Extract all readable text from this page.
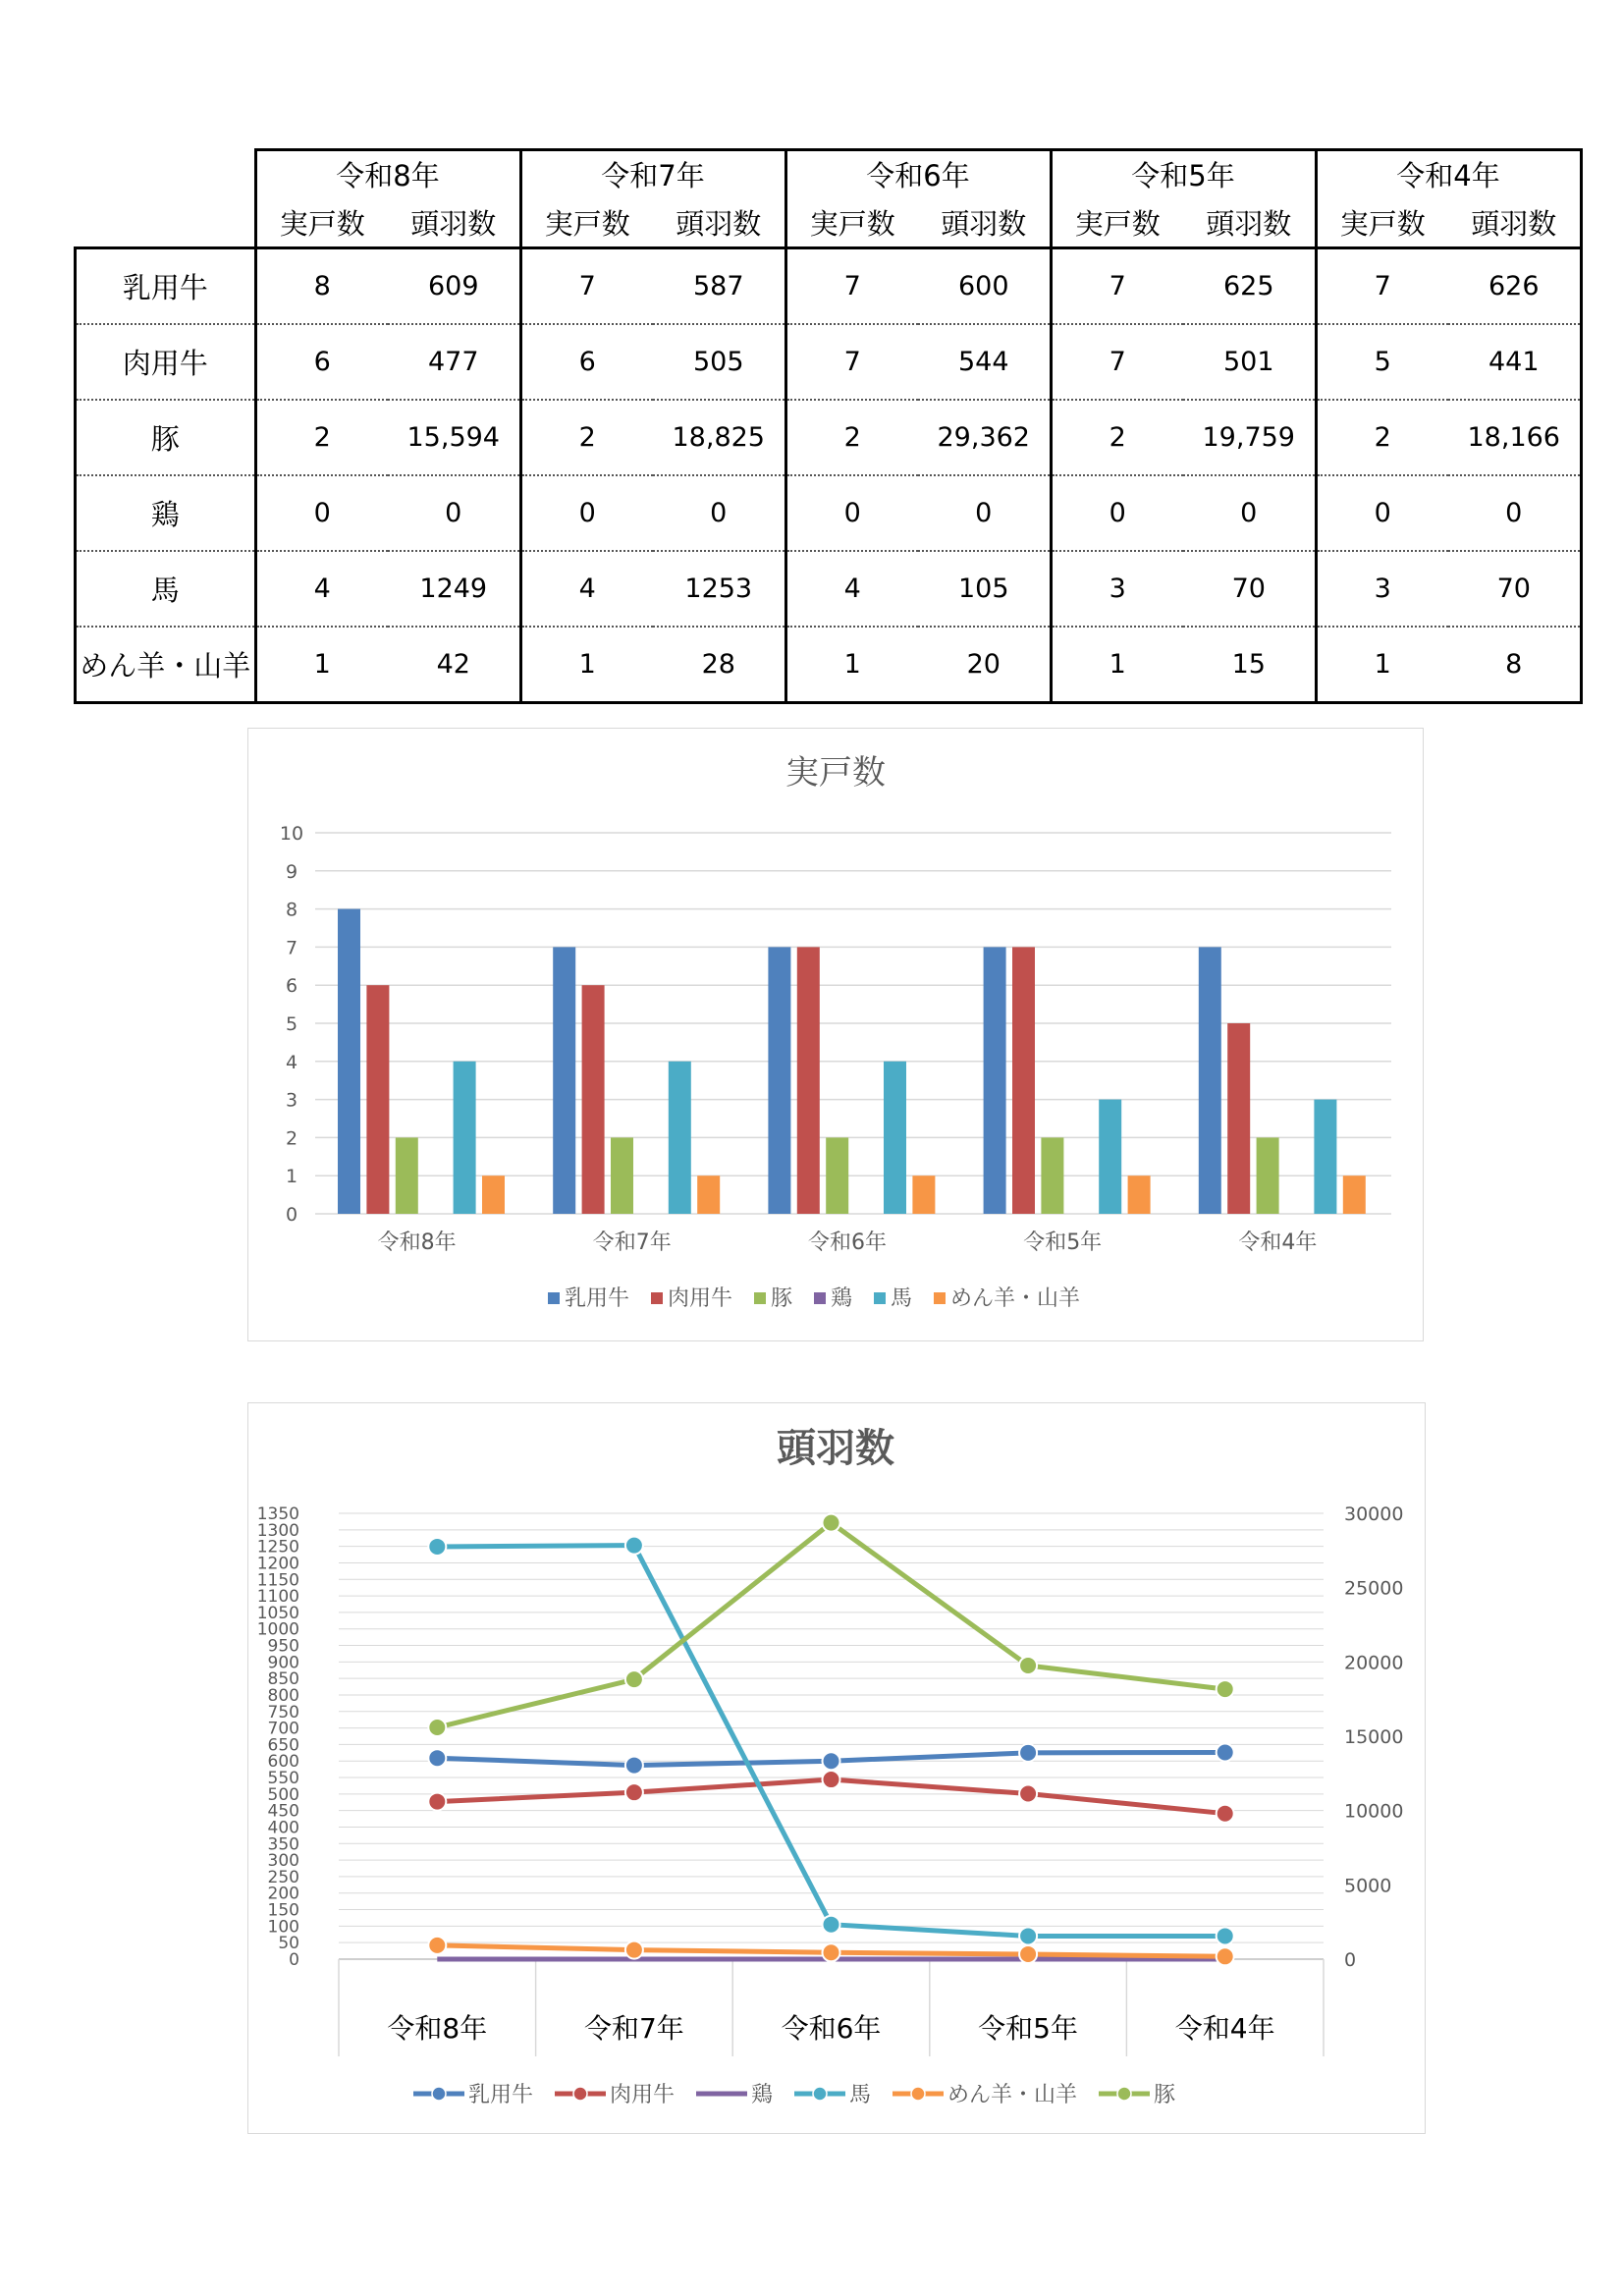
	令和8年		令和7年		令和6年		令和5年		令和4年	
	実戸数	頭羽数	実戸数	頭羽数	実戸数	頭羽数	実戸数	頭羽数	実戸数	頭羽数
乳用牛	8	609	7	587	7	600	7	625	7	626
肉用牛	6	477	6	505	7	544	7	501	5	441
豚	2	15,594	2	18,825	2	29,362	2	19,759	2	18,166
鶏	0	0	0	0	0	0	0	0	0	0
馬	4	1249	4	1253	4	105	3	70	3	70
めん羊・山羊	1	42	1	28	1	20	1	15	1	8
実戸数
0
1
2
3
4
5
6
7
8
9
10
令和8年	令和7年	令和6年	令和5年	令和4年
乳用牛 肉用牛 豚 鶏 馬 めん羊・山羊
頭羽数
0
50
100
150
200
250
300
350
400
450
500
550
600
650
700
750
800
850
900
950
1000
1050
1100
1150
1200
1250
1300
1350
0
5000
10000
15000
20000
25000
30000
令和8年	令和7年	令和6年	令和5年	令和4年
乳用牛	肉用牛	鶏	馬	めん羊・山羊	豚
